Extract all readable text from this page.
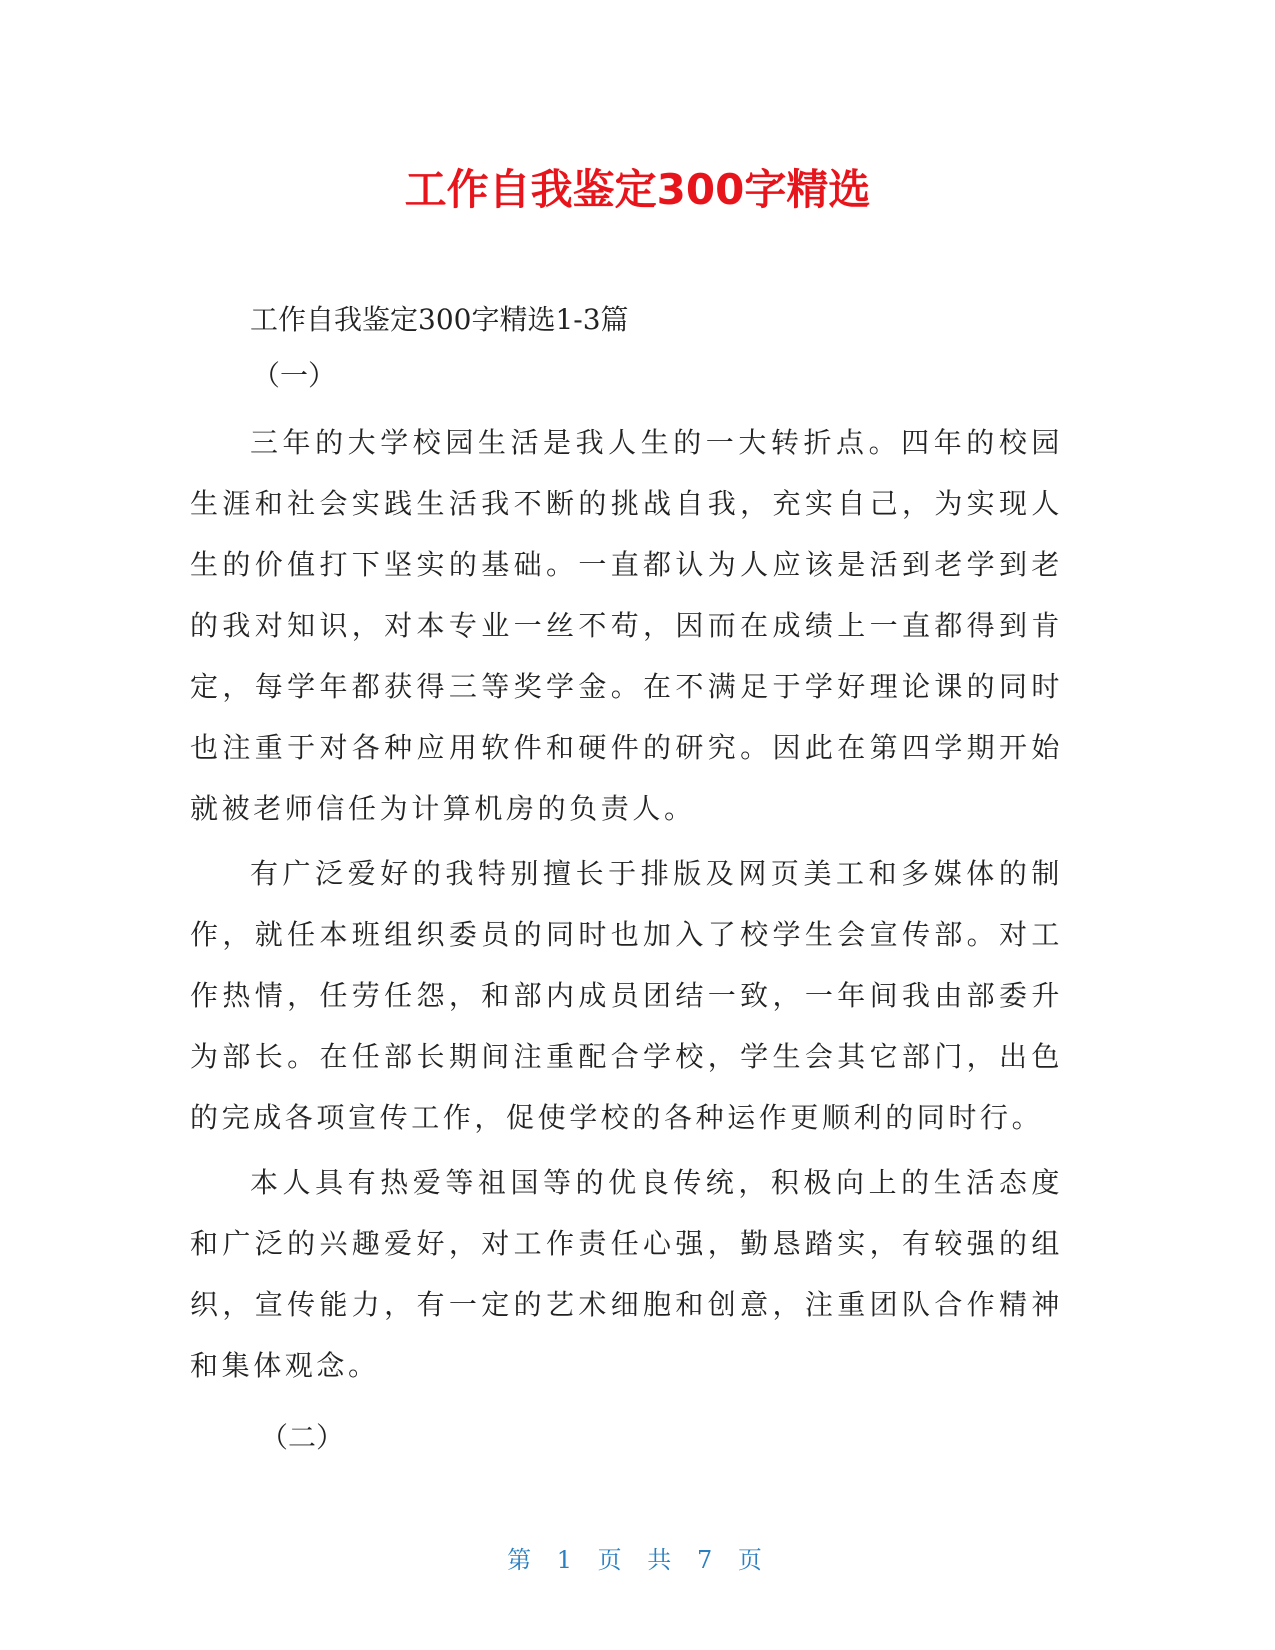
工作自我鉴定300字精选
工作自我鉴定300字精选1-3篇
（一）

三年的大学校园生活是我人生的一大转折点。四年的校园生涯和社会实践生活我不断的挑战自我，充实自己，为实现人生的价值打下坚实的基础。一直都认为人应该是活到老学到老的我对知识，对本专业一丝不苟，因而在成绩上一直都得到肯定，每学年都获得三等奖学金。在不满足于学好理论课的同时也注重于对各种应用软件和硬件的研究。因此在第四学期开始就被老师信任为计算机房的负责人。

有广泛爱好的我特别擅长于排版及网页美工和多媒体的制作，就任本班组织委员的同时也加入了校学生会宣传部。对工作热情，任劳任怨，和部内成员团结一致，一年间我由部委升为部长。在任部长期间注重配合学校，学生会其它部门，出色的完成各项宣传工作，促使学校的各种运作更顺利的同时行。

本人具有热爱等祖国等的优良传统，积极向上的生活态度和广泛的兴趣爱好，对工作责任心强，勤恳踏实，有较强的组织，宣传能力，有一定的艺术细胞和创意，注重团队合作精神和集体观念。

（二）
第 1 页 共 7 页
